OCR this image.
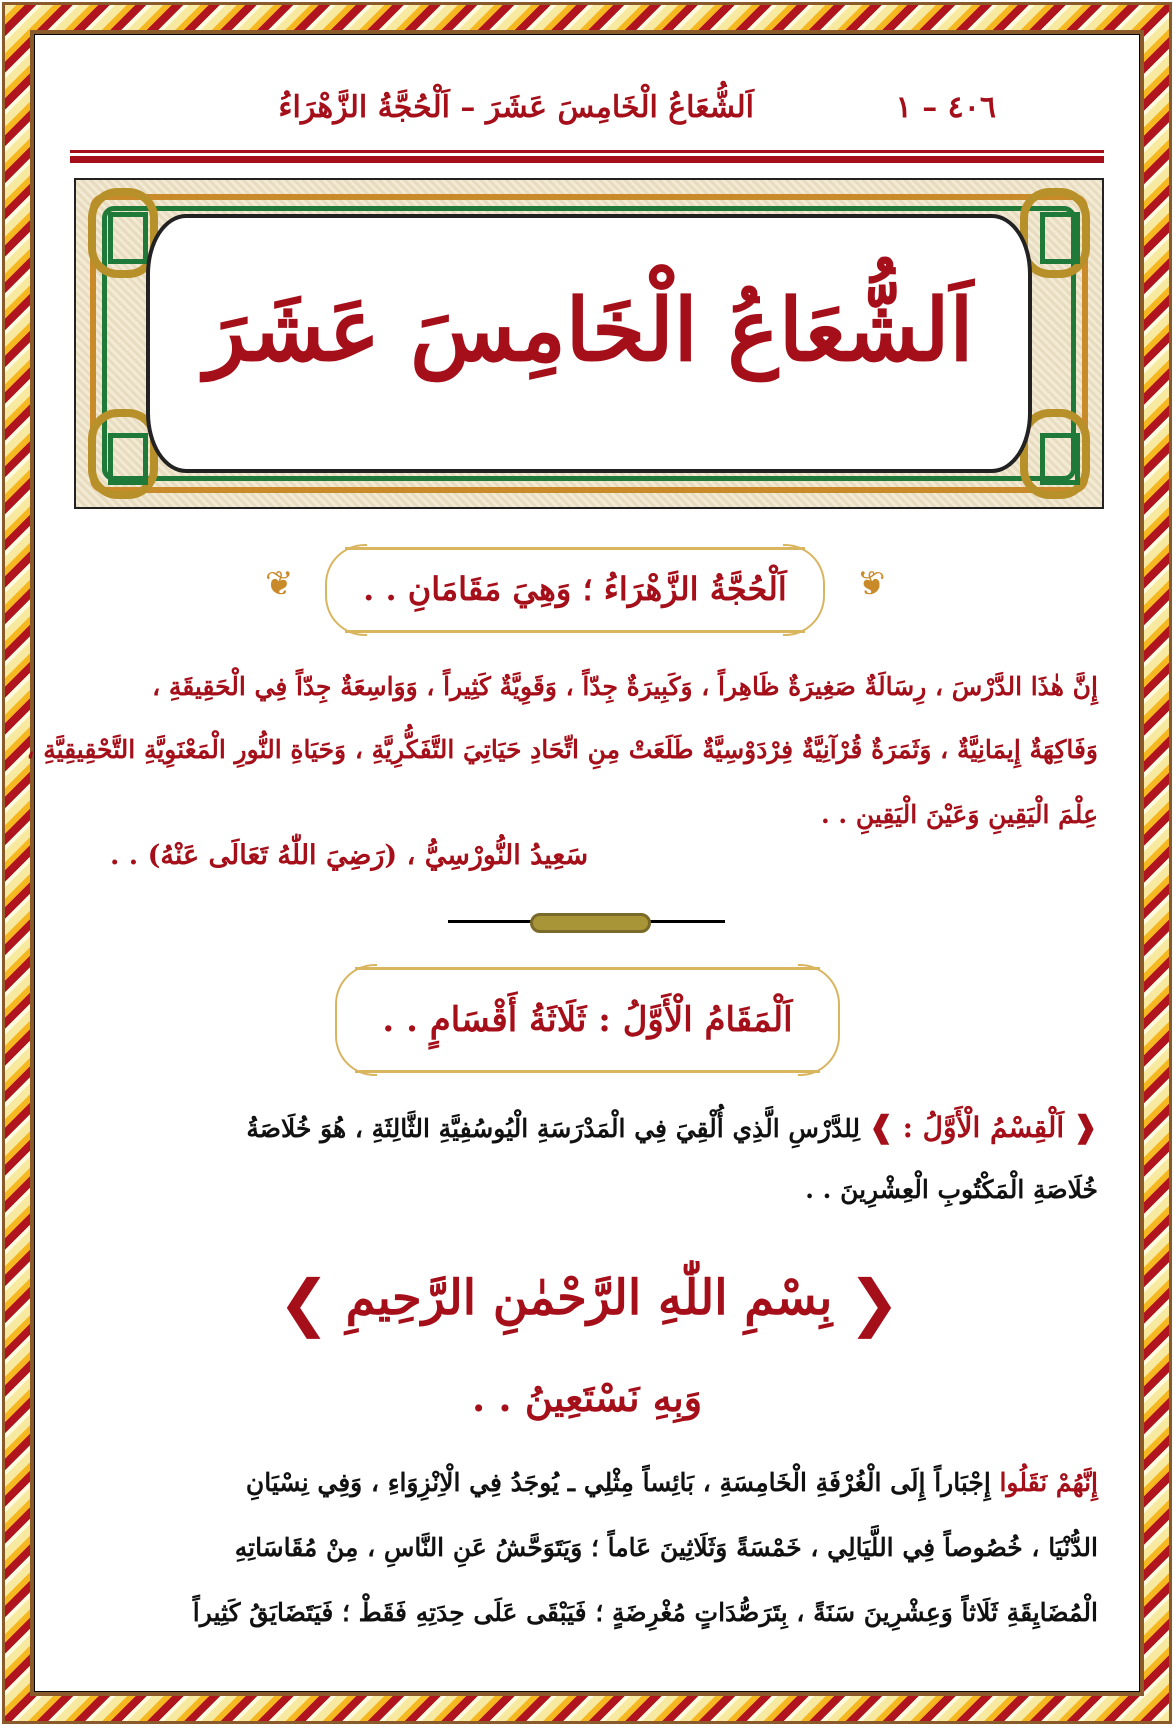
اَلشُّعَاعُ الْخَامِسَ عَشَرَ – اَلْحُجَّةُ الزَّهْرَاءُ	٤٠٦ – ١
اَلشُّعَاعُ الْخَامِسَ عَشَرَ
❦	❦
اَلْحُجَّةُ الزَّهْرَاءُ ؛ وَهِيَ مَقَامَانِ . .
إِنَّ هٰذَا الدَّرْسَ ، رِسَالَةٌ صَغِيرَةٌ ظَاهِراً ، وَكَبِيرَةٌ جِدّاً ، وَقَوِيَّةٌ كَثِيراً ، وَوَاسِعَةٌ جِدّاً فِي الْحَقِيقَةِ ،
وَفَاكِهَةٌ إِيمَانِيَّةٌ ، وَثَمَرَةٌ قُرْآنِيَّةٌ فِرْدَوْسِيَّةٌ طَلَعَتْ مِنِ اتِّحَادِ حَيَاتِيَ التَّفَكُّرِيَّةِ ، وَحَيَاةِ النُّورِ الْمَعْنَوِيَّةِ التَّحْقِيقِيَّةِ ،
عِلْمَ الْيَقِينِ وَعَيْنَ الْيَقِينِ . .
سَعِيدُ النُّورْسِيُّ ، (رَضِيَ اللّٰهُ تَعَالَى عَنْهُ) . .
اَلْمَقَامُ الْأَوَّلُ : ثَلَاثَةُ أَقْسَامٍ . .
❰ اَلْقِسْمُ الْأَوَّلُ : ❱ لِلدَّرْسِ الَّذِي أُلْقِيَ فِي الْمَدْرَسَةِ الْيُوسُفِيَّةِ الثَّالِثَةِ ، هُوَ خُلَاصَةُ
خُلَاصَةِ الْمَكْتُوبِ الْعِشْرِينَ . .
❮	❯
بِسْمِ اللّٰهِ الرَّحْمٰنِ الرَّحِيمِ
وَبِهِ نَسْتَعِينُ . .
إِنَّهُمْ نَقَلُوا إِجْبَاراً إِلَى الْغُرْفَةِ الْخَامِسَةِ ، بَائِساً مِثْلِي ـ يُوجَدُ فِي الْاِنْزِوَاءِ ، وَفِي نِسْيَانِ
الدُّنْيَا ، خُصُوصاً فِي اللَّيَالِي ، خَمْسَةً وَثَلَاثِينَ عَاماً ؛ وَيَتَوَحَّشُ عَنِ النَّاسِ ، مِنْ مُقَاسَاتِهِ
الْمُضَايِقَةِ ثَلَاثاً وَعِشْرِينَ سَنَةً ، بِتَرَصُّدَاتٍ مُغْرِضَةٍ ؛ فَيَبْقَى عَلَى حِدَتِهِ فَقَطْ ؛ فَيَتَضَايَقُ كَثِيراً
